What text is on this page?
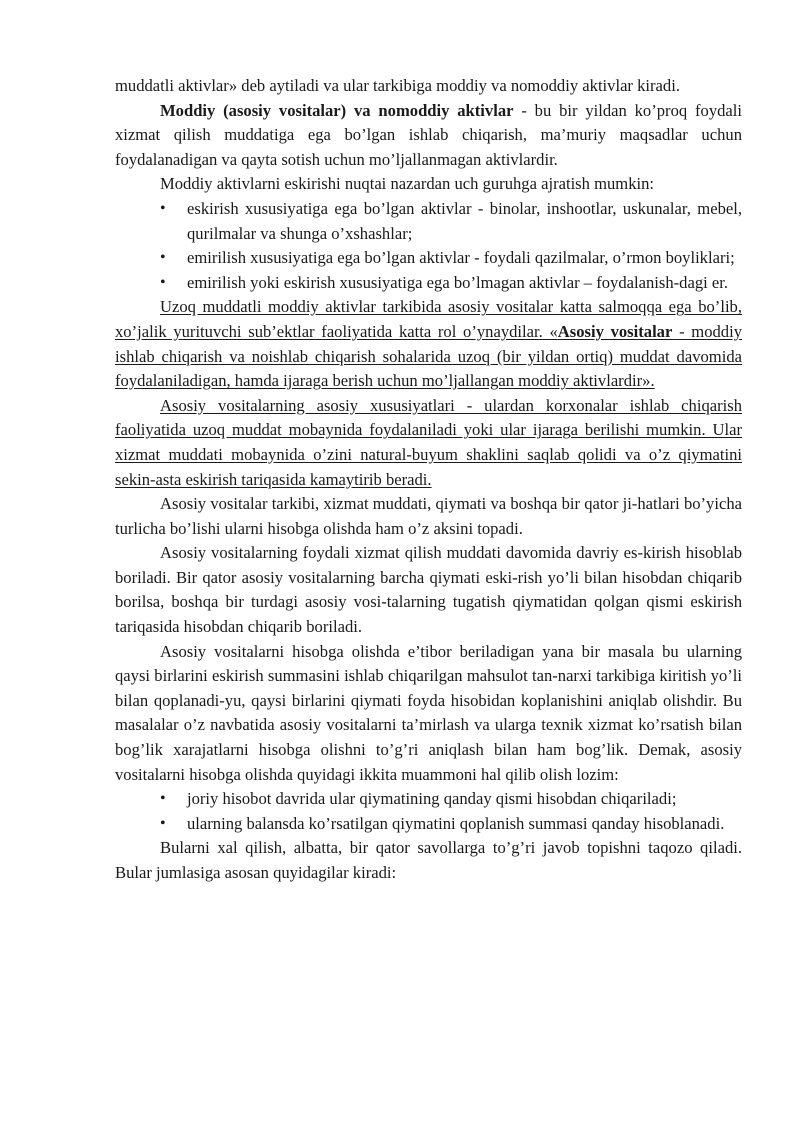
muddatli aktivlar» deb aytiladi va ular tarkibiga moddiy va nomoddiy aktivlar kiradi.

Moddiy (asosiy vositalar) va nomoddiy aktivlar - bu bir yildan ko’proq foydali xizmat qilish muddatiga ega bo’lgan ishlab chiqarish, ma’muriy maqsadlar uchun foydalanadigan va qayta sotish uchun mo’ljallanmagan aktivlardir.

Moddiy aktivlarni eskirishi nuqtai nazardan uch guruhga ajratish mumkin:

• eskirish xususiyatiga ega bo’lgan aktivlar - binolar, inshootlar, uskunalar, mebel, qurilmalar va shunga o’xshashlar;
• emirilish xususiyatiga ega bo’lgan aktivlar - foydali qazilmalar, o’rmon boyliklari;
• emirilish yoki eskirish xususiyatiga ega bo’lmagan aktivlar – foydalanish-dagi er.

Uzoq muddatli moddiy aktivlar tarkibida asosiy vositalar katta salmoqqa ega bo’lib, xo’jalik yurituvchi sub’ektlar faoliyatida katta rol o’ynaydilar. «Asosiy vositalar - moddiy ishlab chiqarish va noishlab chiqarish sohalarida uzoq (bir yildan ortiq) muddat davomida foydalaniladigan, hamda ijaraga berish uchun mo’ljallangan moddiy aktivlardir».

Asosiy vositalarning asosiy xususiyatlari - ulardan korxonalar ishlab chiqarish faoliyatida uzoq muddat mobaynida foydalaniladi yoki ular ijaraga berilishi mumkin. Ular xizmat muddati mobaynida o’zini natural-buyum shaklini saqlab qolidi va o’z qiymatini sekin-asta eskirish tariqasida kamaytirib beradi.

Asosiy vositalar tarkibi, xizmat muddati, qiymati va boshqa bir qator ji-hatlari bo’yicha turlicha bo’lishi ularni hisobga olishda ham o’z aksini topadi.

Asosiy vositalarning foydali xizmat qilish muddati davomida davriy es-kirish hisoblab boriladi. Bir qator asosiy vositalarning barcha qiymati eski-rish yo’li bilan hisobdan chiqarib borilsa, boshqa bir turdagi asosiy vosi-talarning tugatish qiymatidan qolgan qismi eskirish tariqasida hisobdan chiqarib boriladi.

Asosiy vositalarni hisobga olishda e’tibor beriladigan yana bir masala bu ularning qaysi birlarini eskirish summasini ishlab chiqarilgan mahsulot tan-narxi tarkibiga kiritish yo’li bilan qoplanadi-yu, qaysi birlarini qiymati foyda hisobidan koplanishini aniqlab olishdir. Bu masalalar o’z navbatida asosiy vositalarni ta’mirlash va ularga texnik xizmat ko’rsatish bilan bog’lik xarajatlarni hisobga olishni to’g’ri aniqlash bilan ham bog’lik. Demak, asosiy vositalarni hisobga olishda quyidagi ikkita muammoni hal qilib olish lozim:

• joriy hisobot davrida ular qiymatining qanday qismi hisobdan chiqariladi;
• ularning balansda ko’rsatilgan qiymatini qoplanish summasi qanday hisoblanadi.

Bularni xal qilish, albatta, bir qator savollarga to’g’ri javob topishni taqozo qiladi. Bular jumlasiga asosan quyidagilar kiradi:
